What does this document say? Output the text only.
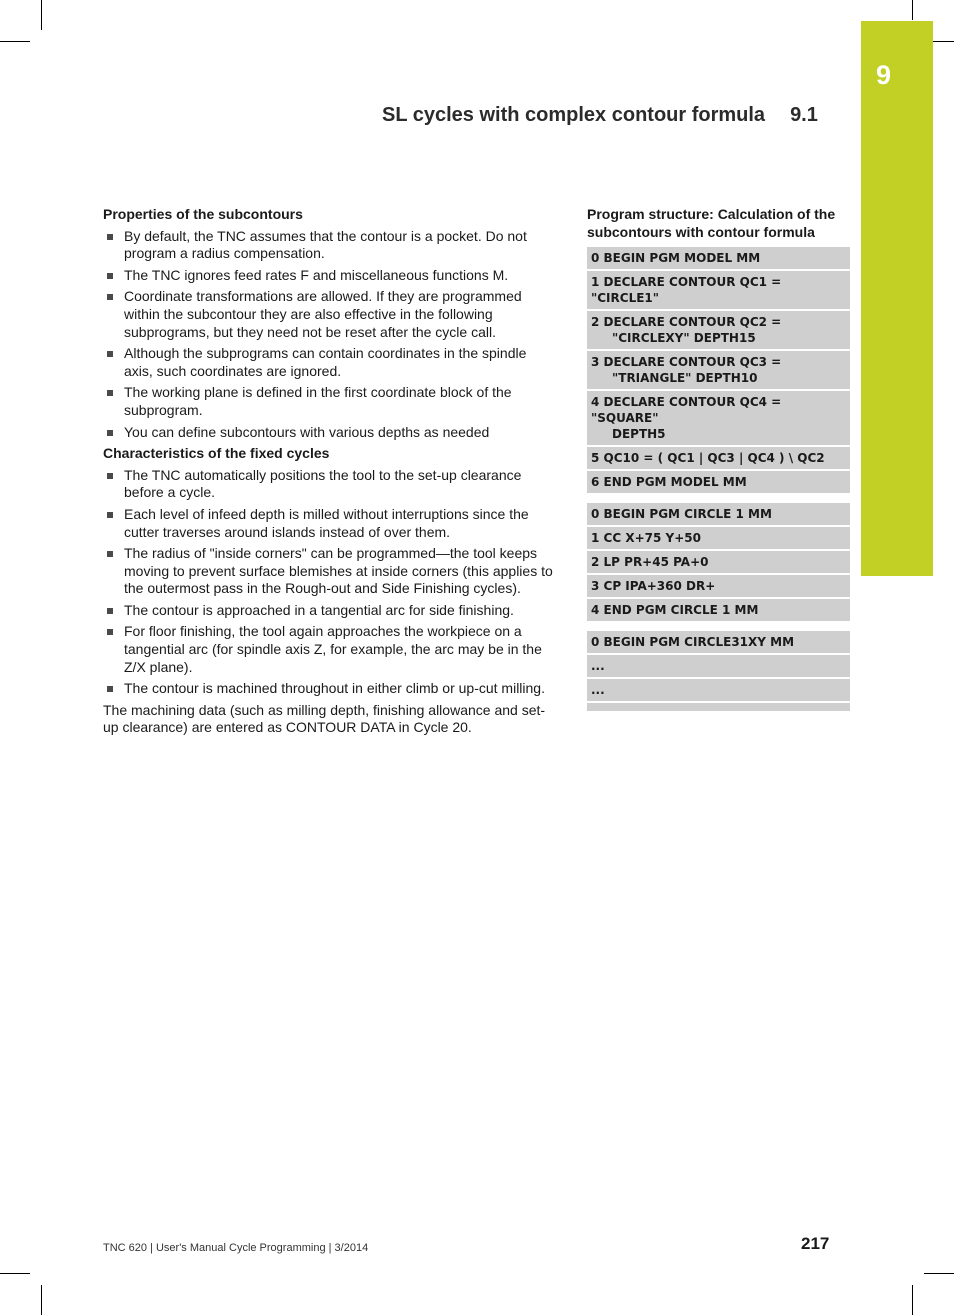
9
SL cycles with complex contour formula 9.1
Properties of the subcontours
By default, the TNC assumes that the contour is a pocket. Do not program a radius compensation.
The TNC ignores feed rates F and miscellaneous functions M.
Coordinate transformations are allowed. If they are programmed within the subcontour they are also effective in the following subprograms, but they need not be reset after the cycle call.
Although the subprograms can contain coordinates in the spindle axis, such coordinates are ignored.
The working plane is defined in the first coordinate block of the subprogram.
You can define subcontours with various depths as needed
Characteristics of the fixed cycles
The TNC automatically positions the tool to the set-up clearance before a cycle.
Each level of infeed depth is milled without interruptions since the cutter traverses around islands instead of over them.
The radius of "inside corners" can be programmed—the tool keeps moving to prevent surface blemishes at inside corners (this applies to the outermost pass in the Rough-out and Side Finishing cycles).
The contour is approached in a tangential arc for side finishing.
For floor finishing, the tool again approaches the workpiece on a tangential arc (for spindle axis Z, for example, the arc may be in the Z/X plane).
The contour is machined throughout in either climb or up-cut milling.
The machining data (such as milling depth, finishing allowance and set-up clearance) are entered as CONTOUR DATA in Cycle 20.
Program structure: Calculation of the subcontours with contour formula
0 BEGIN PGM MODEL MM
1 DECLARE CONTOUR QC1 = "CIRCLE1"
2 DECLARE CONTOUR QC2 =
"CIRCLEXY" DEPTH15
3 DECLARE CONTOUR QC3 =
"TRIANGLE" DEPTH10
4 DECLARE CONTOUR QC4 = "SQUARE"
DEPTH5
5 QC10 = ( QC1 | QC3 | QC4 ) \ QC2
6 END PGM MODEL MM
0 BEGIN PGM CIRCLE 1 MM
1 CC X+75 Y+50
2 LP PR+45 PA+0
3 CP IPA+360 DR+
4 END PGM CIRCLE 1 MM
0 BEGIN PGM CIRCLE31XY MM
...
...
TNC 620 | User's Manual Cycle Programming | 3/2014	217
